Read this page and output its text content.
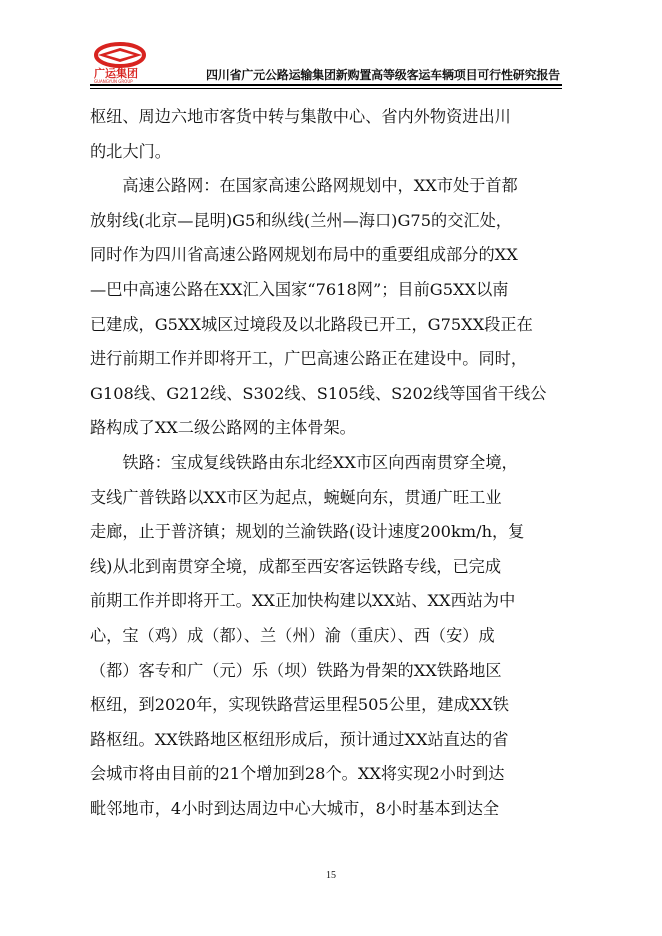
广运集团
GUANGYUN GROUP	四川省广元公路运输集团新购置高等级客运车辆项目可行性研究报告
枢纽、周边六地市客货中转与集散中心、省内外物资进出川
的北大门。
　　高速公路网：在国家高速公路网规划中，XX市处于首都
放射线(北京—昆明)G5和纵线(兰州—海口)G75的交汇处，
同时作为四川省高速公路网规划布局中的重要组成部分的XX
—巴中高速公路在XX汇入国家“7618网”；目前G5XX以南
已建成，G5XX城区过境段及以北路段已开工，G75XX段正在
进行前期工作并即将开工，广巴高速公路正在建设中。同时，
G108线、G212线、S302线、S105线、S202线等国省干线公
路构成了XX二级公路网的主体骨架。
　　铁路：宝成复线铁路由东北经XX市区向西南贯穿全境，
支线广普铁路以XX市区为起点，蜿蜒向东，贯通广旺工业
走廊，止于普济镇；规划的兰渝铁路(设计速度200km/h，复
线)从北到南贯穿全境，成都至西安客运铁路专线，已完成
前期工作并即将开工。XX正加快构建以XX站、XX西站为中
心，宝（鸡）成（都）、兰（州）渝（重庆）、西（安）成
（都）客专和广（元）乐（坝）铁路为骨架的XX铁路地区
枢纽，到2020年，实现铁路营运里程505公里，建成XX铁
路枢纽。XX铁路地区枢纽形成后，预计通过XX站直达的省
会城市将由目前的21个增加到28个。XX将实现2小时到达
毗邻地市，4小时到达周边中心大城市，8小时基本到达全
15
